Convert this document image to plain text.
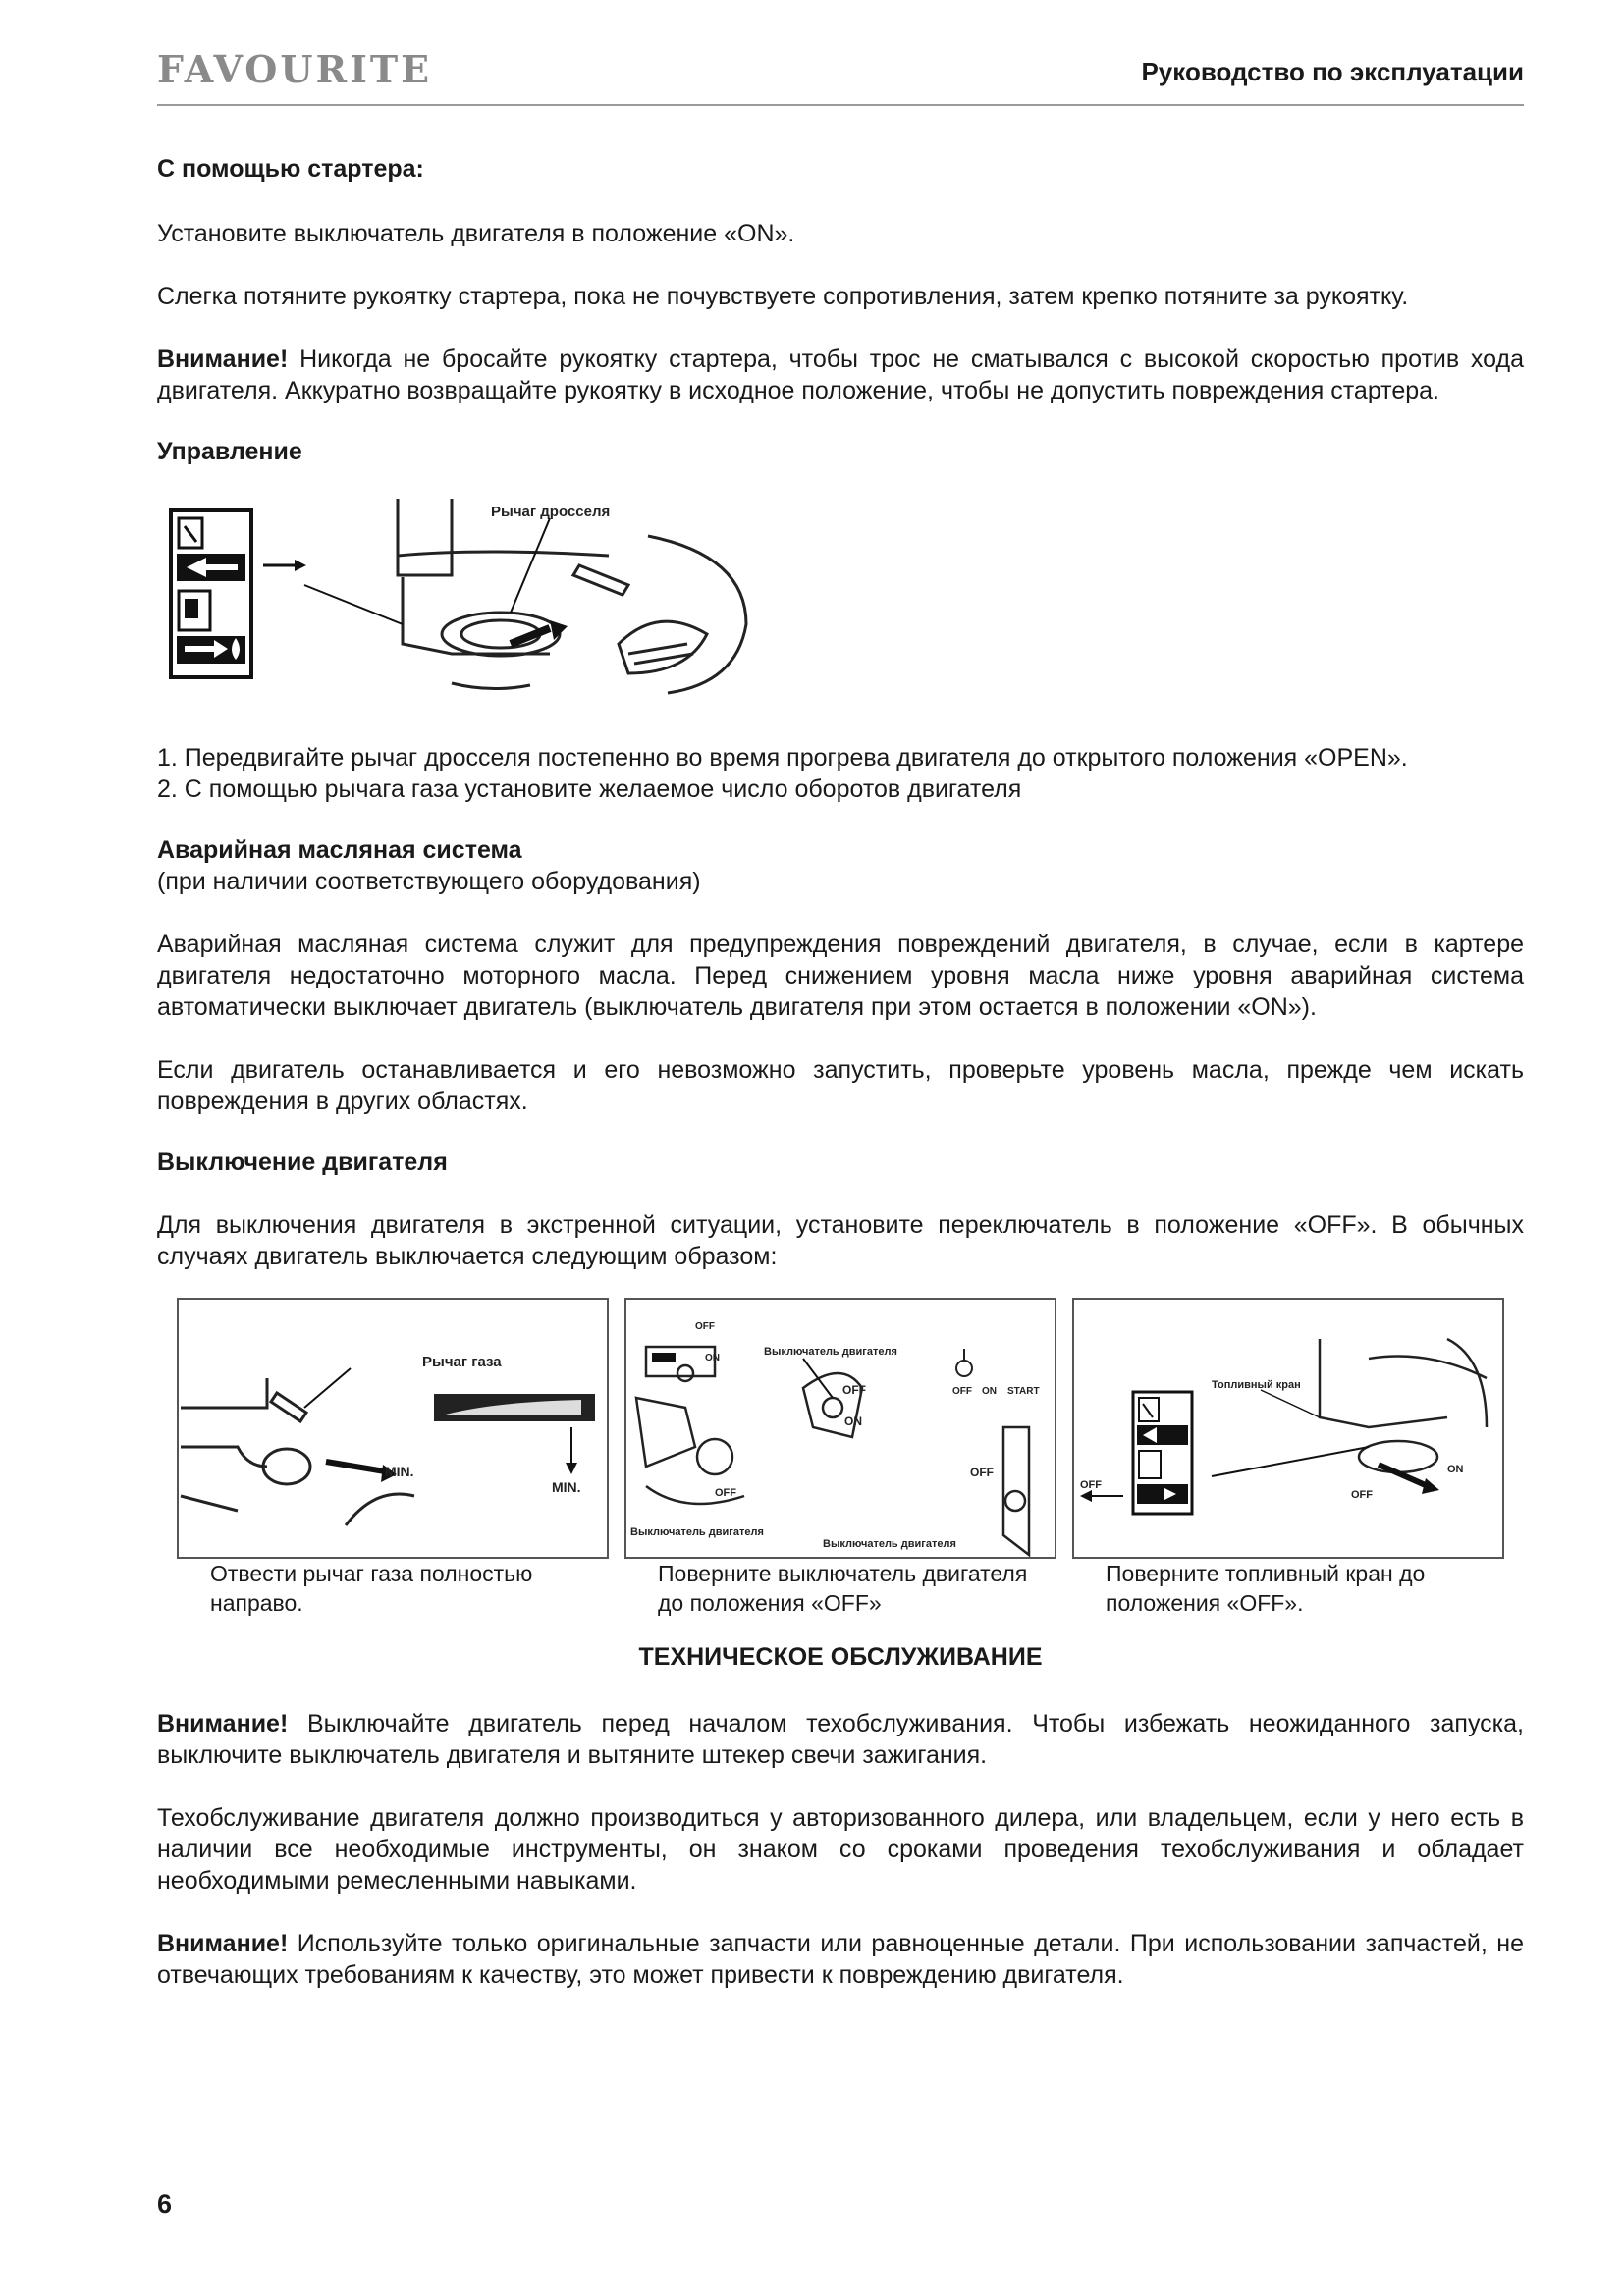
FAVOURITE	Руководство по эксплуатации
С помощью стартера:

Установите выключатель двигателя в положение «ON».

Слегка потяните рукоятку стартера, пока не почувствуете сопротивления, затем крепко потяните за рукоятку.

Внимание! Никогда не бросайте рукоятку стартера, чтобы трос не сматывался с высокой скоростью против хода двигателя. Аккуратно возвращайте рукоятку в исходное положение, чтобы не допустить повреждения стартера.

Управление
Рычаг дросселя

1. Передвигайте рычаг дросселя постепенно во время прогрева двигателя до открытого положения «OPEN».

2. С помощью рычага газа установите желаемое число оборотов двигателя

Аварийная масляная система

(при наличии соответствующего оборудования)

Аварийная масляная система служит для предупреждения повреждений двигателя, в случае, если в картере двигателя недостаточно моторного масла. Перед снижением уровня масла ниже уровня аварийная система автоматически выключает двигатель (выключатель двигателя при этом остается в положении «ON»).

Если двигатель останавливается и его невозможно запустить, проверьте уровень масла, прежде чем искать повреждения в других областях.

Выключение двигателя

Для выключения двигателя в экстренной ситуации, установите переключатель в положение «OFF». В обычных случаях двигатель выключается следующим образом:

Рычаг газа
MIN.
MIN.
OFF
ON
Выключатель двигателя
OFF
ON
OFF ON START
OFF
OFF
Выключатель двигателя
Выключатель двигателя
Топливный кран
OFF
OFF
ON
Отвести рычаг газа полностью направо.
Поверните выключатель двигателя до положения «OFF»
Поверните топливный кран до положения «OFF».
ТЕХНИЧЕСКОЕ ОБСЛУЖИВАНИЕ

Внимание! Выключайте двигатель перед началом техобслуживания. Чтобы избежать неожиданного запуска, выключите выключатель двигателя и вытяните штекер свечи зажигания.

Техобслуживание двигателя должно производиться у авторизованного дилера, или владельцем, если у него есть в наличии все необходимые инструменты, он знаком со сроками проведения техобслуживания и обладает необходимыми ремесленными навыками.

Внимание! Используйте только оригинальные запчасти или равноценные детали. При использовании запчастей, не отвечающих требованиям к качеству, это может привести к повреждению двигателя.

6
